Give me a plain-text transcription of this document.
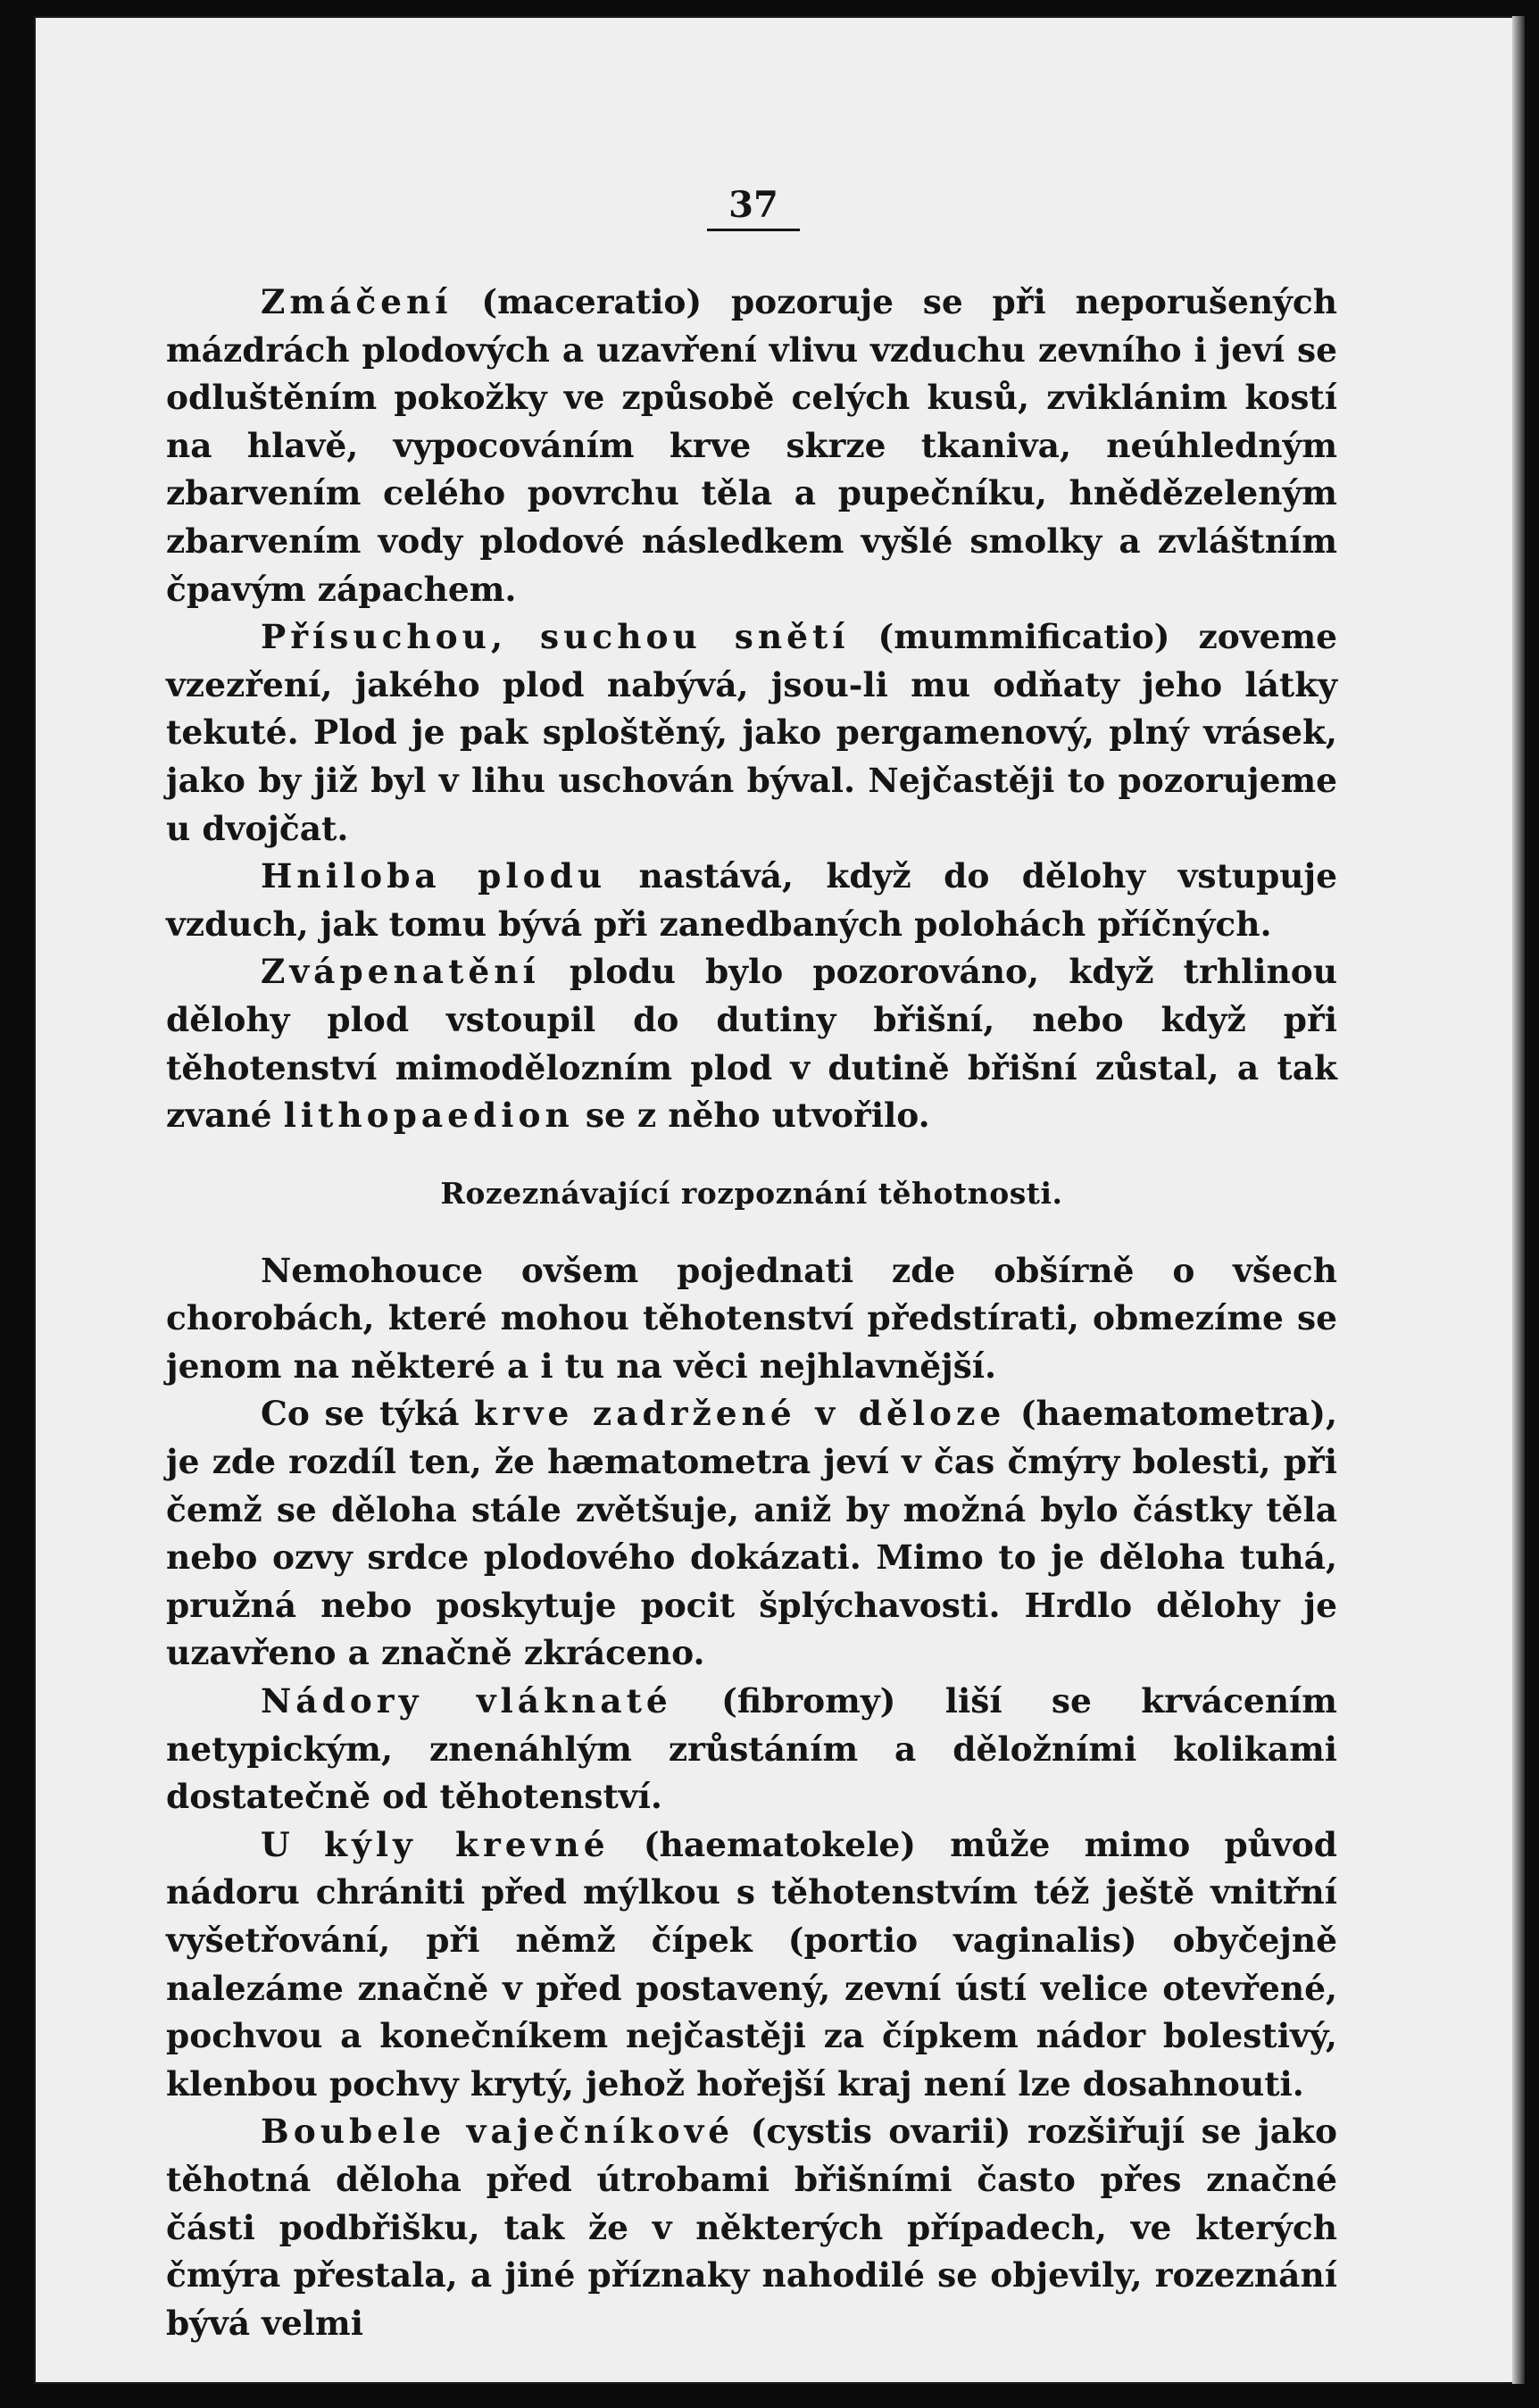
37

Zmáčení (maceratio) pozoruje se při neporušených mázdrách plodových a uzavření vlivu vzduchu zevního i jeví se odluštěním pokožky ve způsobě celých kusů, zviklánim kostí na hlavě, vypocováním krve skrze tkaniva, neúhledným zbarvením celého povrchu těla a pupečníku, hnědězeleným zbarvením vody plodové následkem vyšlé smolky a zvláštním čpavým zápachem.

Přísuchou, suchou snětí (mummificatio) zoveme vzezření, jakého plod nabývá, jsou-li mu odňaty jeho látky tekuté. Plod je pak sploštěný, jako pergamenový, plný vrásek, jako by již byl v lihu uschován býval. Nejčastěji to pozorujeme u dvojčat.

Hniloba plodu nastává, když do dělohy vstupuje vzduch, jak tomu bývá při zanedbaných polohách příčných.

Zvápenatění plodu bylo pozorováno, když trhlinou dělohy plod vstoupil do dutiny břišní, nebo když při těhotenství mimodělozním plod v dutině břišní zůstal, a tak zvané lithopaedion se z něho utvořilo.

Rozeznávající rozpoznání těhotnosti.

Nemohouce ovšem pojednati zde obšírně o všech chorobách, které mohou těhotenství předstírati, obmezíme se jenom na některé a i tu na věci nejhlavnější.

Co se týká krve zadržené v děloze (haematometra), je zde rozdíl ten, že hæmatometra jeví v čas čmýry bolesti, při čemž se děloha stále zvětšuje, aniž by možná bylo částky těla nebo ozvy srdce plodového dokázati. Mimo to je děloha tuhá, pružná nebo poskytuje pocit šplýchavosti. Hrdlo dělohy je uzavřeno a značně zkráceno.

Nádory vláknaté (fibromy) liší se krvácením netypickým, znenáhlým zrůstáním a děložními kolikami dostatečně od těhotenství.

U kýly krevné (haematokele) může mimo původ nádoru chrániti před mýlkou s těhotenstvím též ještě vnitřní vyšetřování, při němž čípek (portio vaginalis) obyčejně nalezáme značně v před postavený, zevní ústí velice otevřené, pochvou a konečníkem nejčastěji za čípkem nádor bolestivý, klenbou pochvy krytý, jehož hořejší kraj není lze dosahnouti.

Boubele vaječníkové (cystis ovarii) rozšiřují se jako těhotná děloha před útrobami břišními často přes značné části podbřišku, tak že v některých případech, ve kterých čmýra přestala, a jiné příznaky nahodilé se objevily, rozeznání bývá velmi
